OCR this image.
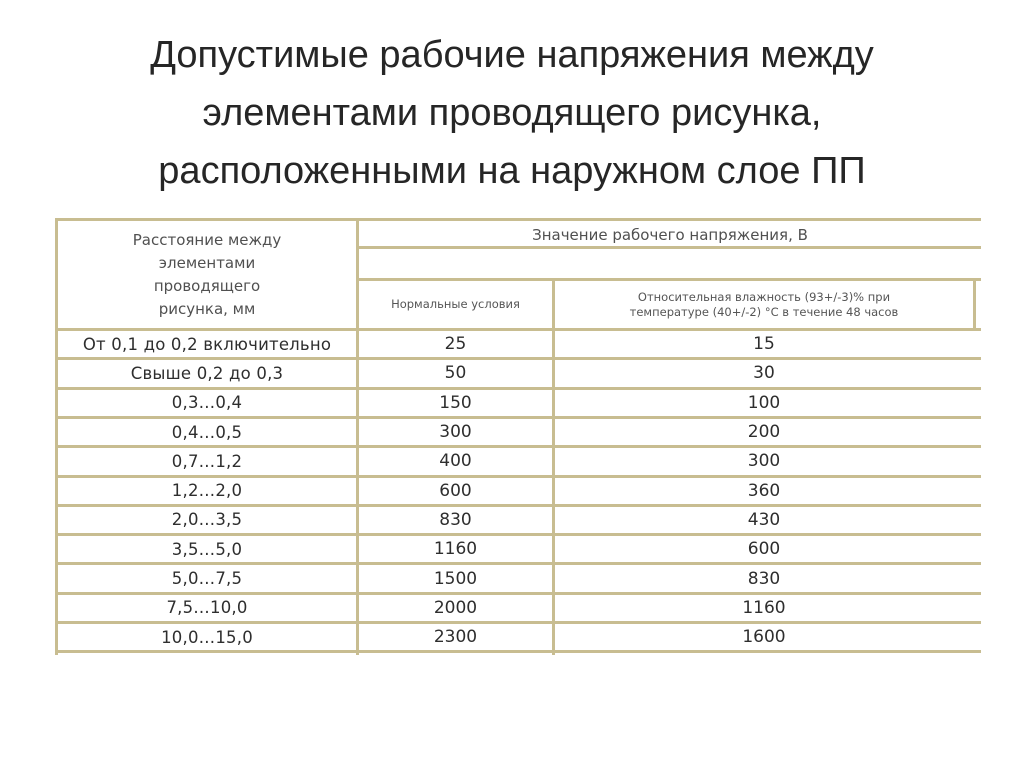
Допустимые рабочие напряжения между
элементами проводящего рисунка,
расположенными на наружном слое ПП
Расстояние между
элементами
проводящего
рисунка, мм
Значение рабочего напряжения, В
Нормальные условия
Относительная влажность (93+/-3)% при
температуре (40+/-2) °С в течение 48 часов
От 0,1 до 0,2 включительно	25	15
Свыше 0,2 до 0,3	50	30
0,3…0,4	150	100
0,4…0,5	300	200
0,7…1,2	400	300
1,2…2,0	600	360
2,0…3,5	830	430
3,5…5,0	1160	600
5,0…7,5	1500	830
7,5…10,0	2000	1160
10,0…15,0	2300	1600
